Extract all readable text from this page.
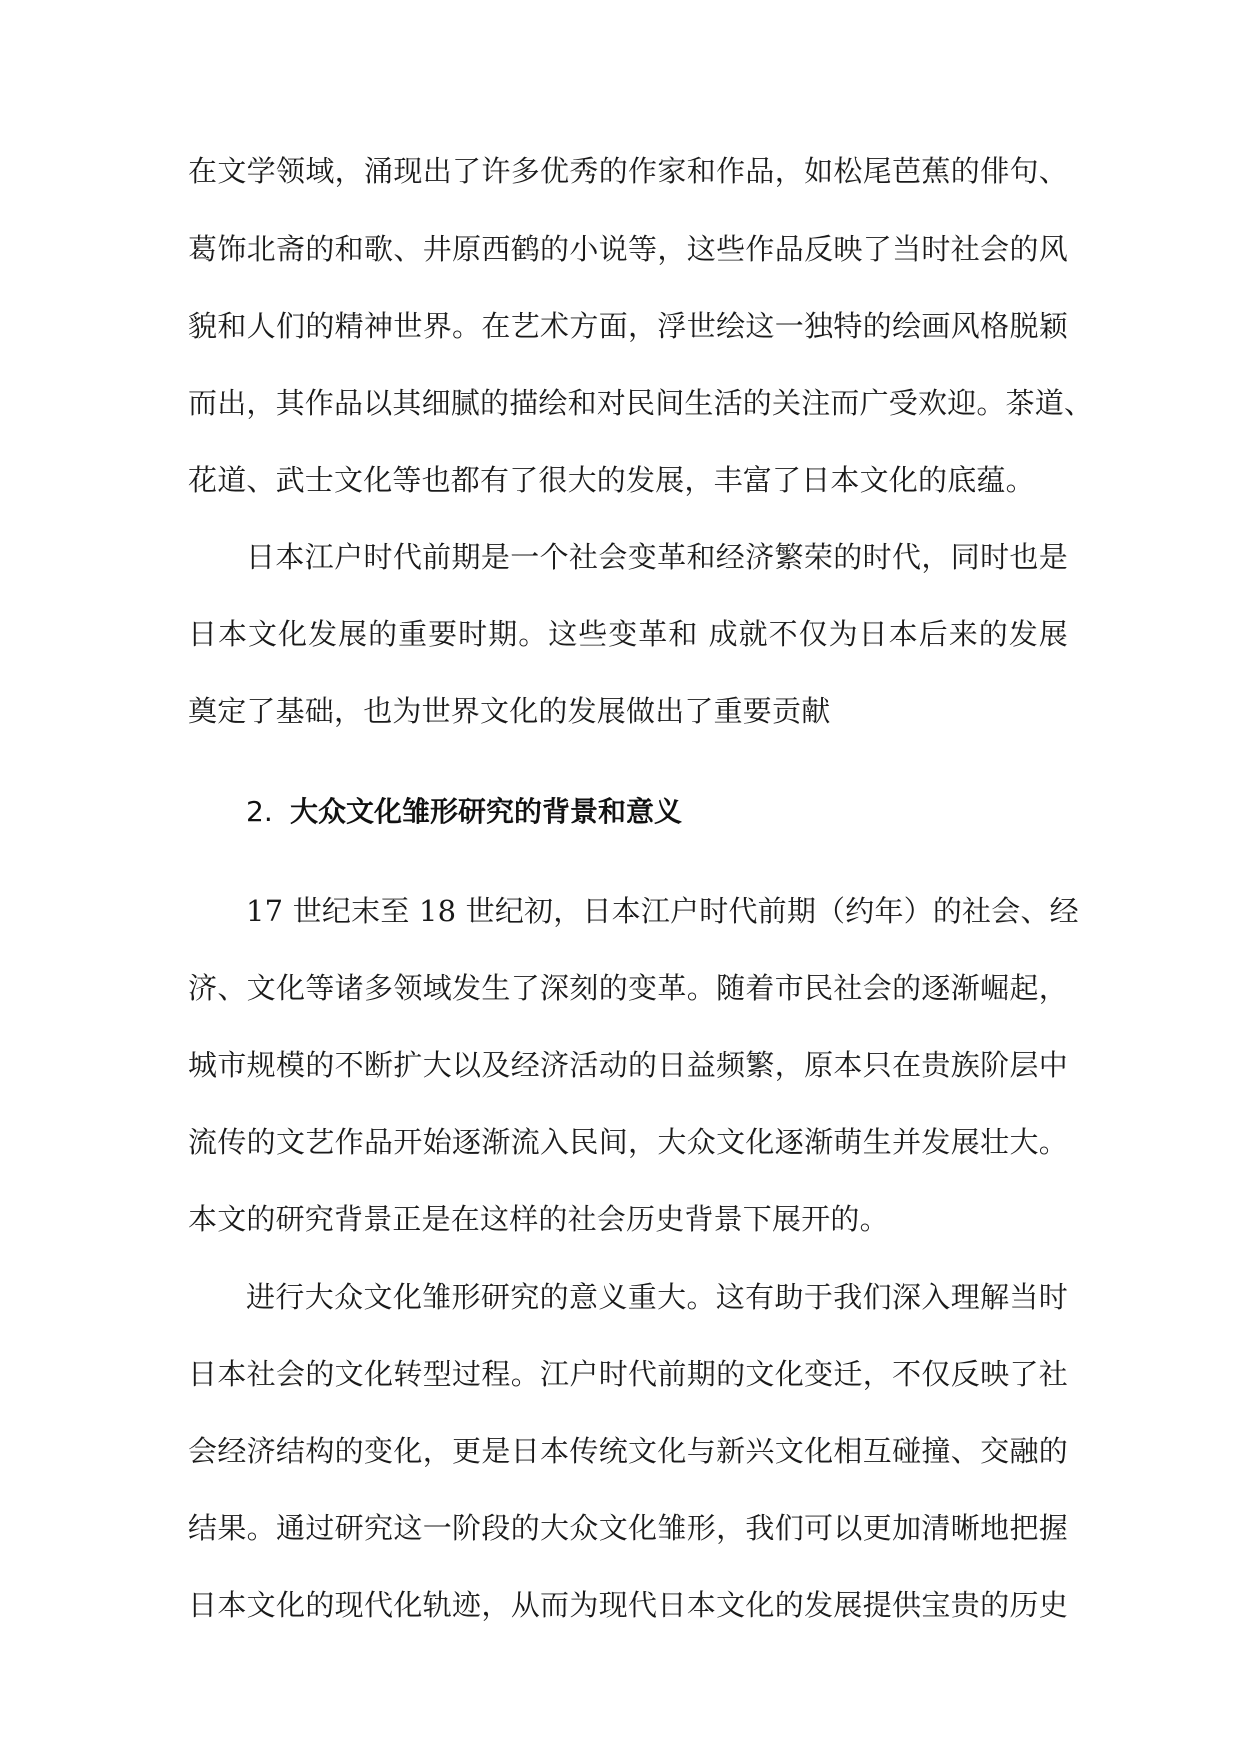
在文学领域，涌现出了许多优秀的作家和作品，如松尾芭蕉的俳句、
葛饰北斋的和歌、井原西鹤的小说等，这些作品反映了当时社会的风
貌和人们的精神世界。在艺术方面，浮世绘这一独特的绘画风格脱颖
而出，其作品以其细腻的描绘和对民间生活的关注而广受欢迎。茶道、
花道、武士文化等也都有了很大的发展，丰富了日本文化的底蕴。
日本江户时代前期是一个社会变革和经济繁荣的时代，同时也是
日本文化发展的重要时期。这些变革和 成就不仅为日本后来的发展
奠定了基础，也为世界文化的发展做出了重要贡献
2. 大众文化雏形研究的背景和意义
17 世纪末至 18 世纪初，日本江户时代前期（约年）的社会、经
济、文化等诸多领域发生了深刻的变革。随着市民社会的逐渐崛起，
城市规模的不断扩大以及经济活动的日益频繁，原本只在贵族阶层中
流传的文艺作品开始逐渐流入民间，大众文化逐渐萌生并发展壮大。
本文的研究背景正是在这样的社会历史背景下展开的。
进行大众文化雏形研究的意义重大。这有助于我们深入理解当时
日本社会的文化转型过程。江户时代前期的文化变迁，不仅反映了社
会经济结构的变化，更是日本传统文化与新兴文化相互碰撞、交融的
结果。通过研究这一阶段的大众文化雏形，我们可以更加清晰地把握
日本文化的现代化轨迹，从而为现代日本文化的发展提供宝贵的历史
